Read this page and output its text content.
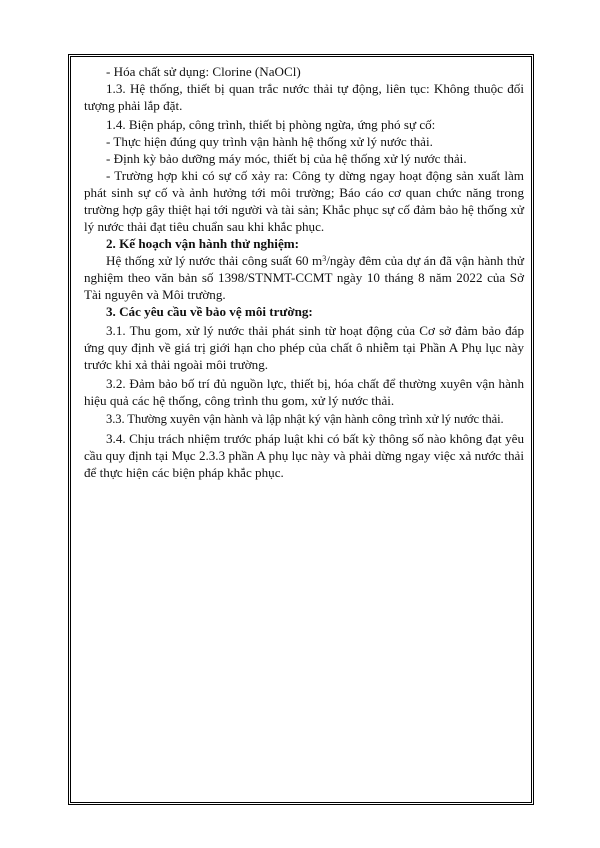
- Hóa chất sử dụng: Clorine (NaOCl)

1.3. Hệ thống, thiết bị quan trắc nước thải tự động, liên tục: Không thuộc đối tượng phải lắp đặt.

1.4. Biện pháp, công trình, thiết bị phòng ngừa, ứng phó sự cố:

- Thực hiện đúng quy trình vận hành hệ thống xử lý nước thải.

- Định kỳ bảo dưỡng máy móc, thiết bị của hệ thống xử lý nước thải.

- Trường hợp khi có sự cố xảy ra: Công ty dừng ngay hoạt động sản xuất làm phát sinh sự cố và ảnh hưởng tới môi trường; Báo cáo cơ quan chức năng trong trường hợp gây thiệt hại tới người và tài sản; Khắc phục sự cố đảm bảo hệ thống xử lý nước thải đạt tiêu chuẩn sau khi khắc phục.

2. Kế hoạch vận hành thử nghiệm:

Hệ thống xử lý nước thải công suất 60 $m^3$/ngày đêm của dự án đã vận hành thử nghiệm theo văn bản số 1398/STNMT-CCMT ngày 10 tháng 8 năm 2022 của Sở Tài nguyên và Môi trường.

3. Các yêu cầu về bảo vệ môi trường:

3.1. Thu gom, xử lý nước thải phát sinh từ hoạt động của Cơ sở đảm bảo đáp ứng quy định về giá trị giới hạn cho phép của chất ô nhiễm tại Phần A Phụ lục này trước khi xả thải ngoài môi trường.

3.2. Đảm bảo bố trí đủ nguồn lực, thiết bị, hóa chất để thường xuyên vận hành hiệu quả các hệ thống, công trình thu gom, xử lý nước thải.

3.3. Thường xuyên vận hành và lập nhật ký vận hành công trình xử lý nước thải.

3.4. Chịu trách nhiệm trước pháp luật khi có bất kỳ thông số nào không đạt yêu cầu quy định tại Mục 2.3.3 phần A phụ lục này và phải dừng ngay việc xả nước thải để thực hiện các biện pháp khắc phục.
